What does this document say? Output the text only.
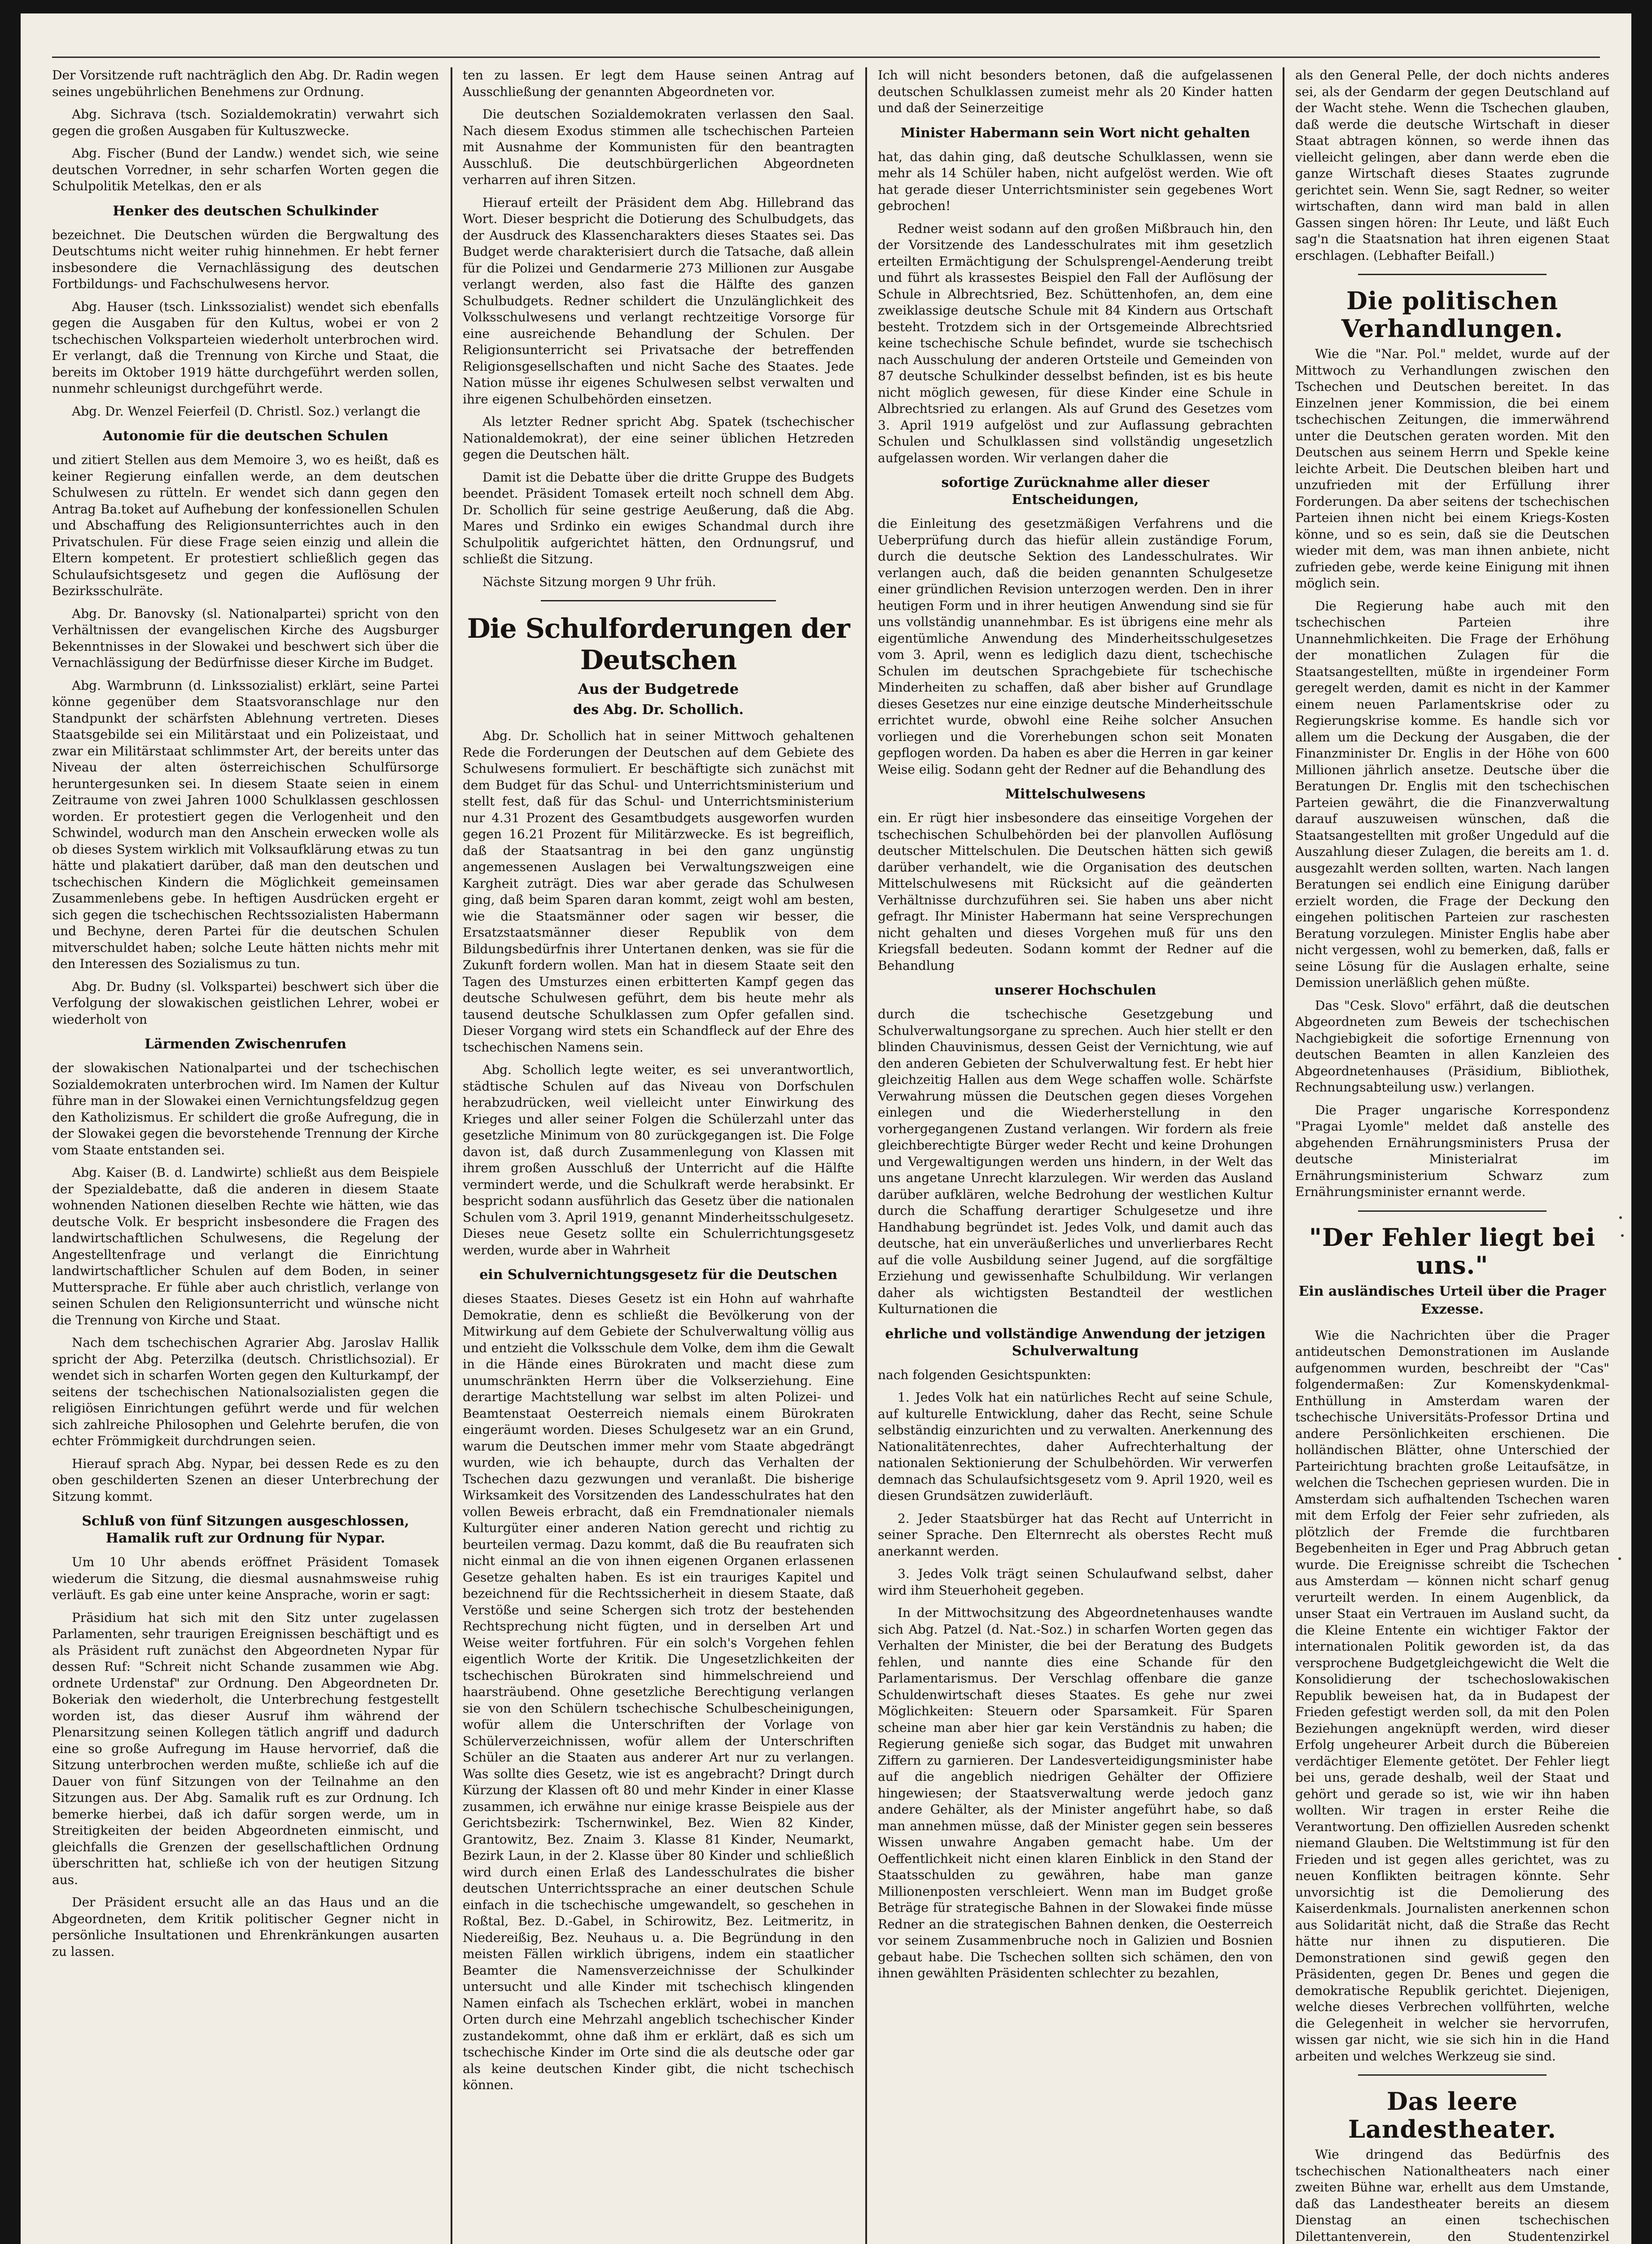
Der Vorsitzende ruft nachträglich den Abg. Dr. Radin wegen seines ungebührlichen Benehmens zur Ordnung.

Abg. Sichrava (tsch. Sozialdemokratin) verwahrt sich gegen die großen Ausgaben für Kultuszwecke.

Abg. Fischer (Bund der Landw.) wendet sich, wie seine deutschen Vorredner, in sehr scharfen Worten gegen die Schulpolitik Metelkas, den er als

Henker des deutschen Schulkinder

bezeichnet. Die Deutschen würden die Bergwaltung des Deutschtums nicht weiter ruhig hinnehmen. Er hebt ferner insbesondere die Vernachlässigung des deutschen Fortbildungs- und Fachschulwesens hervor.

Abg. Hauser (tsch. Linkssozialist) wendet sich ebenfalls gegen die Ausgaben für den Kultus, wobei er von 2 tschechischen Volksparteien wiederholt unterbrochen wird. Er verlangt, daß die Trennung von Kirche und Staat, die bereits im Oktober 1919 hätte durchgeführt werden sollen, nunmehr schleunigst durchgeführt werde.

Abg. Dr. Wenzel Feierfeil (D. Christl. Soz.) verlangt die

Autonomie für die deutschen Schulen

und zitiert Stellen aus dem Memoire 3, wo es heißt, daß es keiner Regierung einfallen werde, an dem deutschen Schulwesen zu rütteln. Er wendet sich dann gegen den Antrag Ba.toket auf Aufhebung der konfessionellen Schulen und Abschaffung des Religionsunterrichtes auch in den Privatschulen. Für diese Frage seien einzig und allein die Eltern kompetent. Er protestiert schließlich gegen das Schulaufsichtsgesetz und gegen die Auflösung der Bezirksschulräte.

Abg. Dr. Banovsky (sl. Nationalpartei) spricht von den Verhältnissen der evangelischen Kirche des Augsburger Bekenntnisses in der Slowakei und beschwert sich über die Vernachlässigung der Bedürfnisse dieser Kirche im Budget.

Abg. Warmbrunn (d. Linkssozialist) erklärt, seine Partei könne gegenüber dem Staatsvoranschlage nur den Standpunkt der schärfsten Ablehnung vertreten. Dieses Staatsgebilde sei ein Militärstaat und ein Polizeistaat, und zwar ein Militärstaat schlimmster Art, der bereits unter das Niveau der alten österreichischen Schulfürsorge heruntergesunken sei. In diesem Staate seien in einem Zeitraume von zwei Jahren 1000 Schulklassen geschlossen worden. Er protestiert gegen die Verlogenheit und den Schwindel, wodurch man den Anschein erwecken wolle als ob dieses System wirklich mit Volksaufklärung etwas zu tun hätte und plakatiert darüber, daß man den deutschen und tschechischen Kindern die Möglichkeit gemeinsamen Zusammenlebens gebe. In heftigen Ausdrücken ergeht er sich gegen die tschechischen Rechtssozialisten Habermann und Bechyne, deren Partei für die deutschen Schulen mitverschuldet haben; solche Leute hätten nichts mehr mit den Interessen des Sozialismus zu tun.

Abg. Dr. Budny (sl. Volkspartei) beschwert sich über die Verfolgung der slowakischen geistlichen Lehrer, wobei er wiederholt von

Lärmenden Zwischenrufen

der slowakischen Nationalpartei und der tschechischen Sozialdemokraten unterbrochen wird. Im Namen der Kultur führe man in der Slowakei einen Vernichtungsfeldzug gegen den Katholizismus. Er schildert die große Aufregung, die in der Slowakei gegen die bevorstehende Trennung der Kirche vom Staate entstanden sei.

Abg. Kaiser (B. d. Landwirte) schließt aus dem Beispiele der Spezialdebatte, daß die anderen in diesem Staate wohnenden Nationen dieselben Rechte wie hätten, wie das deutsche Volk. Er bespricht insbesondere die Fragen des landwirtschaftlichen Schulwesens, die Regelung der Angestelltenfrage und verlangt die Einrichtung landwirtschaftlicher Schulen auf dem Boden, in seiner Muttersprache. Er fühle aber auch christlich, verlange von seinen Schulen den Religionsunterricht und wünsche nicht die Trennung von Kirche und Staat.

Nach dem tschechischen Agrarier Abg. Jaroslav Hallik spricht der Abg. Peterzilka (deutsch. Christlichsozial). Er wendet sich in scharfen Worten gegen den Kulturkampf, der seitens der tschechischen Nationalsozialisten gegen die religiösen Einrichtungen geführt werde und für welchen sich zahlreiche Philosophen und Gelehrte berufen, die von echter Frömmigkeit durchdrungen seien.

Hierauf sprach Abg. Nypar, bei dessen Rede es zu den oben geschilderten Szenen an dieser Unterbrechung der Sitzung kommt.

Schluß von fünf Sitzungen ausgeschlossen, Hamalik ruft zur Ordnung für Nypar.

Um 10 Uhr abends eröffnet Präsident Tomasek wiederum die Sitzung, die diesmal ausnahmsweise ruhig verläuft. Es gab eine unter keine Ansprache, worin er sagt:

Präsidium hat sich mit den Sitz unter zugelassen Parlamenten, sehr traurigen Ereignissen beschäftigt und es als Präsident ruft zunächst den Abgeordneten Nypar für dessen Ruf: "Schreit nicht Schande zusammen wie Abg. ordnete Urdenstaf" zur Ordnung. Den Abgeordneten Dr. Bokeriak den wiederholt, die Unterbrechung festgestellt worden ist, das dieser Ausruf ihm während der Plenarsitzung seinen Kollegen tätlich angriff und dadurch eine so große Aufregung im Hause hervorrief, daß die Sitzung unterbrochen werden mußte, schließe ich auf die Dauer von fünf Sitzungen von der Teilnahme an den Sitzungen aus. Der Abg. Samalik ruft es zur Ordnung. Ich bemerke hierbei, daß ich dafür sorgen werde, um in Streitigkeiten der beiden Abgeordneten einmischt, und gleichfalls die Grenzen der gesellschaftlichen Ordnung überschritten hat, schließe ich von der heutigen Sitzung aus.

Der Präsident ersucht alle an das Haus und an die Abgeordneten, dem Kritik politischer Gegner nicht in persönliche Insultationen und Ehrenkränkungen ausarten zu lassen.

ten zu lassen. Er legt dem Hause seinen Antrag auf Ausschließung der genannten Abgeordneten vor.

Die deutschen Sozialdemokraten verlassen den Saal. Nach diesem Exodus stimmen alle tschechischen Parteien mit Ausnahme der Kommunisten für den beantragten Ausschluß. Die deutschbürgerlichen Abgeordneten verharren auf ihren Sitzen.

Hierauf erteilt der Präsident dem Abg. Hillebrand das Wort. Dieser bespricht die Dotierung des Schulbudgets, das der Ausdruck des Klassencharakters dieses Staates sei. Das Budget werde charakterisiert durch die Tatsache, daß allein für die Polizei und Gendarmerie 273 Millionen zur Ausgabe verlangt werden, also fast die Hälfte des ganzen Schulbudgets. Redner schildert die Unzulänglichkeit des Volksschulwesens und verlangt rechtzeitige Vorsorge für eine ausreichende Behandlung der Schulen. Der Religionsunterricht sei Privatsache der betreffenden Religionsgesellschaften und nicht Sache des Staates. Jede Nation müsse ihr eigenes Schulwesen selbst verwalten und ihre eigenen Schulbehörden einsetzen.

Als letzter Redner spricht Abg. Spatek (tschechischer Nationaldemokrat), der eine seiner üblichen Hetzreden gegen die Deutschen hält.

Damit ist die Debatte über die dritte Gruppe des Budgets beendet. Präsident Tomasek erteilt noch schnell dem Abg. Dr. Schollich für seine gestrige Aeußerung, daß die Abg. Mares und Srdinko ein ewiges Schandmal durch ihre Schulpolitik aufgerichtet hätten, den Ordnungsruf, und schließt die Sitzung.

Nächste Sitzung morgen 9 Uhr früh.

Die Schulforderungen der Deutschen
Aus der Budgetrede
des Abg. Dr. Schollich.

Abg. Dr. Schollich hat in seiner Mittwoch gehaltenen Rede die Forderungen der Deutschen auf dem Gebiete des Schulwesens formuliert. Er beschäftigte sich zunächst mit dem Budget für das Schul- und Unterrichtsministerium und stellt fest, daß für das Schul- und Unterrichtsministerium nur 4.31 Prozent des Gesamtbudgets ausgeworfen wurden gegen 16.21 Prozent für Militärzwecke. Es ist begreiflich, daß der Staatsantrag in bei den ganz ungünstig angemessenen Auslagen bei Verwaltungszweigen eine Kargheit zuträgt. Dies war aber gerade das Schulwesen ging, daß beim Sparen daran kommt, zeigt wohl am besten, wie die Staatsmänner oder sagen wir besser, die Ersatzstaatsmänner dieser Republik von dem Bildungsbedürfnis ihrer Untertanen denken, was sie für die Zukunft fordern wollen. Man hat in diesem Staate seit den Tagen des Umsturzes einen erbitterten Kampf gegen das deutsche Schulwesen geführt, dem bis heute mehr als tausend deutsche Schulklassen zum Opfer gefallen sind. Dieser Vorgang wird stets ein Schandfleck auf der Ehre des tschechischen Namens sein.

Abg. Schollich legte weiter, es sei unverantwortlich, städtische Schulen auf das Niveau von Dorfschulen herabzudrücken, weil vielleicht unter Einwirkung des Krieges und aller seiner Folgen die Schülerzahl unter das gesetzliche Minimum von 80 zurückgegangen ist. Die Folge davon ist, daß durch Zusammenlegung von Klassen mit ihrem großen Ausschluß der Unterricht auf die Hälfte vermindert werde, und die Schulkraft werde herabsinkt. Er bespricht sodann ausführlich das Gesetz über die nationalen Schulen vom 3. April 1919, genannt Minderheitsschulgesetz. Dieses neue Gesetz sollte ein Schulerrichtungsgesetz werden, wurde aber in Wahrheit

ein Schulvernichtungsgesetz für die Deutschen

dieses Staates. Dieses Gesetz ist ein Hohn auf wahrhafte Demokratie, denn es schließt die Bevölkerung von der Mitwirkung auf dem Gebiete der Schulverwaltung völlig aus und entzieht die Volksschule dem Volke, dem ihm die Gewalt in die Hände eines Bürokraten und macht diese zum unumschränkten Herrn über die Volkserziehung. Eine derartige Machtstellung war selbst im alten Polizei- und Beamtenstaat Oesterreich niemals einem Bürokraten eingeräumt worden. Dieses Schulgesetz war an ein Grund, warum die Deutschen immer mehr vom Staate abgedrängt wurden, wie ich behaupte, durch das Verhalten der Tschechen dazu gezwungen und veranlaßt. Die bisherige Wirksamkeit des Vorsitzenden des Landesschulrates hat den vollen Beweis erbracht, daß ein Fremdnationaler niemals Kulturgüter einer anderen Nation gerecht und richtig zu beurteilen vermag. Dazu kommt, daß die Bu reaufraten sich nicht einmal an die von ihnen eigenen Organen erlassenen Gesetze gehalten haben. Es ist ein trauriges Kapitel und bezeichnend für die Rechtssicherheit in diesem Staate, daß Verstöße und seine Schergen sich trotz der bestehenden Rechtsprechung nicht fügten, und in derselben Art und Weise weiter fortfuhren. Für ein solch's Vorgehen fehlen eigentlich Worte der Kritik. Die Ungesetzlichkeiten der tschechischen Bürokraten sind himmelschreiend und haarsträubend. Ohne gesetzliche Berechtigung verlangen sie von den Schülern tschechische Schulbescheinigungen, wofür allem die Unterschriften der Vorlage von Schülerverzeichnissen, wofür allem der Unterschriften Schüler an die Staaten aus anderer Art nur zu verlangen. Was sollte dies Gesetz, wie ist es angebracht? Dringt durch Kürzung der Klassen oft 80 und mehr Kinder in einer Klasse zusammen, ich erwähne nur einige krasse Beispiele aus der Gerichtsbezirk: Tschernwinkel, Bez. Wien 82 Kinder, Grantowitz, Bez. Znaim 3. Klasse 81 Kinder, Neumarkt, Bezirk Laun, in der 2. Klasse über 80 Kinder und schließlich wird durch einen Erlaß des Landesschulrates die bisher deutschen Unterrichtssprache an einer deutschen Schule einfach in die tschechische umgewandelt, so geschehen in Roßtal, Bez. D.-Gabel, in Schirowitz, Bez. Leitmeritz, in Niedereißig, Bez. Neuhaus u. a. Die Begründung in den meisten Fällen wirklich übrigens, indem ein staatlicher Beamter die Namensverzeichnisse der Schulkinder untersucht und alle Kinder mit tschechisch klingenden Namen einfach als Tschechen erklärt, wobei in manchen Orten durch eine Mehrzahl angeblich tschechischer Kinder zustandekommt, ohne daß ihm er erklärt, daß es sich um tschechische Kinder im Orte sind die als deutsche oder gar als keine deutschen Kinder gibt, die nicht tschechisch können.

Ich will nicht besonders betonen, daß die aufgelassenen deutschen Schulklassen zumeist mehr als 20 Kinder hatten und daß der Seinerzeitige

Minister Habermann sein Wort nicht gehalten

hat, das dahin ging, daß deutsche Schulklassen, wenn sie mehr als 14 Schüler haben, nicht aufgelöst werden. Wie oft hat gerade dieser Unterrichtsminister sein gegebenes Wort gebrochen!

Redner weist sodann auf den großen Mißbrauch hin, den der Vorsitzende des Landesschulrates mit ihm gesetzlich erteilten Ermächtigung der Schulsprengel-Aenderung treibt und führt als krassestes Beispiel den Fall der Auflösung der Schule in Albrechtsried, Bez. Schüttenhofen, an, dem eine zweiklassige deutsche Schule mit 84 Kindern aus Ortschaft besteht. Trotzdem sich in der Ortsgemeinde Albrechtsried keine tschechische Schule befindet, wurde sie tschechisch nach Ausschulung der anderen Ortsteile und Gemeinden von 87 deutsche Schulkinder desselbst befinden, ist es bis heute nicht möglich gewesen, für diese Kinder eine Schule in Albrechtsried zu erlangen. Als auf Grund des Gesetzes vom 3. April 1919 aufgelöst und zur Auflassung gebrachten Schulen und Schulklassen sind vollständig ungesetzlich aufgelassen worden. Wir verlangen daher die

sofortige Zurücknahme aller dieser Entscheidungen,

die Einleitung des gesetzmäßigen Verfahrens und die Ueberprüfung durch das hiefür allein zuständige Forum, durch die deutsche Sektion des Landesschulrates. Wir verlangen auch, daß die beiden genannten Schulgesetze einer gründlichen Revision unterzogen werden. Den in ihrer heutigen Form und in ihrer heutigen Anwendung sind sie für uns vollständig unannehmbar. Es ist übrigens eine mehr als eigentümliche Anwendung des Minderheitsschulgesetzes vom 3. April, wenn es lediglich dazu dient, tschechische Schulen im deutschen Sprachgebiete für tschechische Minderheiten zu schaffen, daß aber bisher auf Grundlage dieses Gesetzes nur eine einzige deutsche Minderheitsschule errichtet wurde, obwohl eine Reihe solcher Ansuchen vorliegen und die Vorerhebungen schon seit Monaten gepflogen worden. Da haben es aber die Herren in gar keiner Weise eilig. Sodann geht der Redner auf die Behandlung des

Mittelschulwesens

ein. Er rügt hier insbesondere das einseitige Vorgehen der tschechischen Schulbehörden bei der planvollen Auflösung deutscher Mittelschulen. Die Deutschen hätten sich gewiß darüber verhandelt, wie die Organisation des deutschen Mittelschulwesens mit Rücksicht auf die geänderten Verhältnisse durchzuführen sei. Sie haben uns aber nicht gefragt. Ihr Minister Habermann hat seine Versprechungen nicht gehalten und dieses Vorgehen muß für uns den Kriegsfall bedeuten. Sodann kommt der Redner auf die Behandlung

unserer Hochschulen

durch die tschechische Gesetzgebung und Schulverwaltungsorgane zu sprechen. Auch hier stellt er den blinden Chauvinismus, dessen Geist der Vernichtung, wie auf den anderen Gebieten der Schulverwaltung fest. Er hebt hier gleichzeitig Hallen aus dem Wege schaffen wolle. Schärfste Verwahrung müssen die Deutschen gegen dieses Vorgehen einlegen und die Wiederherstellung in den vorhergegangenen Zustand verlangen. Wir fordern als freie gleichberechtigte Bürger weder Recht und keine Drohungen und Vergewaltigungen werden uns hindern, in der Welt das uns angetane Unrecht klarzulegen. Wir werden das Ausland darüber aufklären, welche Bedrohung der westlichen Kultur durch die Schaffung derartiger Schulgesetze und ihre Handhabung begründet ist. Jedes Volk, und damit auch das deutsche, hat ein unveräußerliches und unverlierbares Recht auf die volle Ausbildung seiner Jugend, auf die sorgfältige Erziehung und gewissenhafte Schulbildung. Wir verlangen daher als wichtigsten Bestandteil der westlichen Kulturnationen die

ehrliche und vollständige Anwendung der jetzigen Schulverwaltung

nach folgenden Gesichtspunkten:

1. Jedes Volk hat ein natürliches Recht auf seine Schule, auf kulturelle Entwicklung, daher das Recht, seine Schule selbständig einzurichten und zu verwalten. Anerkennung des Nationalitätenrechtes, daher Aufrechterhaltung der nationalen Sektionierung der Schulbehörden. Wir verwerfen demnach das Schulaufsichtsgesetz vom 9. April 1920, weil es diesen Grundsätzen zuwiderläuft.

2. Jeder Staatsbürger hat das Recht auf Unterricht in seiner Sprache. Den Elternrecht als oberstes Recht muß anerkannt werden.

3. Jedes Volk trägt seinen Schulaufwand selbst, daher wird ihm Steuerhoheit gegeben.

In der Mittwochsitzung des Abgeordnetenhauses wandte sich Abg. Patzel (d. Nat.-Soz.) in scharfen Worten gegen das Verhalten der Minister, die bei der Beratung des Budgets fehlen, und nannte dies eine Schande für den Parlamentarismus. Der Verschlag offenbare die ganze Schuldenwirtschaft dieses Staates. Es gehe nur zwei Möglichkeiten: Steuern oder Sparsamkeit. Für Sparen scheine man aber hier gar kein Verständnis zu haben; die Regierung genieße sich sogar, das Budget mit unwahren Ziffern zu garnieren. Der Landesverteidigungsminister habe auf die angeblich niedrigen Gehälter der Offiziere hingewiesen; der Staatsverwaltung werde jedoch ganz andere Gehälter, als der Minister angeführt habe, so daß man annehmen müsse, daß der Minister gegen sein besseres Wissen unwahre Angaben gemacht habe. Um der Oeffentlichkeit nicht einen klaren Einblick in den Stand der Staatsschulden zu gewähren, habe man ganze Millionenposten verschleiert. Wenn man im Budget große Beträge für strategische Bahnen in der Slowakei finde müsse Redner an die strategischen Bahnen denken, die Oesterreich vor seinem Zusammenbruche noch in Galizien und Bosnien gebaut habe. Die Tschechen sollten sich schämen, den von ihnen gewählten Präsidenten schlechter zu bezahlen,

als den General Pelle, der doch nichts anderes sei, als der Gendarm der gegen Deutschland auf der Wacht stehe. Wenn die Tschechen glauben, daß werde die deutsche Wirtschaft in dieser Staat abtragen können, so werde ihnen das vielleicht gelingen, aber dann werde eben die ganze Wirtschaft dieses Staates zugrunde gerichtet sein. Wenn Sie, sagt Redner, so weiter wirtschaften, dann wird man bald in allen Gassen singen hören: Ihr Leute, und läßt Euch sag'n die Staatsnation hat ihren eigenen Staat erschlagen. (Lebhafter Beifall.)

Die politischen Verhandlungen.

Wie die "Nar. Pol." meldet, wurde auf der Mittwoch zu Verhandlungen zwischen den Tschechen und Deutschen bereitet. In das Einzelnen jener Kommission, die bei einem tschechischen Zeitungen, die immerwährend unter die Deutschen geraten worden. Mit den Deutschen aus seinem Herrn und Spekle keine leichte Arbeit. Die Deutschen bleiben hart und unzufrieden mit der Erfüllung ihrer Forderungen. Da aber seitens der tschechischen Parteien ihnen nicht bei einem Kriegs-Kosten könne, und so es sein, daß sie die Deutschen wieder mit dem, was man ihnen anbiete, nicht zufrieden gebe, werde keine Einigung mit ihnen möglich sein.

Die Regierung habe auch mit den tschechischen Parteien ihre Unannehmlichkeiten. Die Frage der Erhöhung der monatlichen Zulagen für die Staatsangestellten, müßte in irgendeiner Form geregelt werden, damit es nicht in der Kammer einem neuen Parlamentskrise oder zu Regierungskrise komme. Es handle sich vor allem um die Deckung der Ausgaben, die der Finanzminister Dr. Englis in der Höhe von 600 Millionen jährlich ansetze. Deutsche über die Beratungen Dr. Englis mit den tschechischen Parteien gewährt, die die Finanzverwaltung darauf auszuweisen wünschen, daß die Staatsangestellten mit großer Ungeduld auf die Auszahlung dieser Zulagen, die bereits am 1. d. ausgezahlt werden sollten, warten. Nach langen Beratungen sei endlich eine Einigung darüber erzielt worden, die Frage der Deckung den eingehen politischen Parteien zur raschesten Beratung vorzulegen. Minister Englis habe aber nicht vergessen, wohl zu bemerken, daß, falls er seine Lösung für die Auslagen erhalte, seine Demission unerläßlich gehen müßte.

Das "Cesk. Slovo" erfährt, daß die deutschen Abgeordneten zum Beweis der tschechischen Nachgiebigkeit die sofortige Ernennung von deutschen Beamten in allen Kanzleien des Abgeordnetenhauses (Präsidium, Bibliothek, Rechnungsabteilung usw.) verlangen.

Die Prager ungarische Korrespondenz "Pragai Lyomle" meldet daß anstelle des abgehenden Ernährungsministers Prusa der deutsche Ministerialrat im Ernährungsministerium Schwarz zum Ernährungsminister ernannt werde.

"Der Fehler liegt bei uns."
Ein ausländisches Urteil über die Prager Exzesse.

Wie die Nachrichten über die Prager antideutschen Demonstrationen im Auslande aufgenommen wurden, beschreibt der "Cas" folgendermaßen: Zur Komenskydenkmal-Enthüllung in Amsterdam waren der tschechische Universitäts-Professor Drtina und andere Persönlichkeiten erschienen. Die holländischen Blätter, ohne Unterschied der Parteirichtung brachten große Leitaufsätze, in welchen die Tschechen gepriesen wurden. Die in Amsterdam sich aufhaltenden Tschechen waren mit dem Erfolg der Feier sehr zufrieden, als plötzlich der Fremde die furchtbaren Begebenheiten in Eger und Prag Abbruch getan wurde. Die Ereignisse schreibt die Tschechen aus Amsterdam — können nicht scharf genug verurteilt werden. In einem Augenblick, da unser Staat ein Vertrauen im Ausland sucht, da die Kleine Entente ein wichtiger Faktor der internationalen Politik geworden ist, da das versprochene Budgetgleichgewicht die Welt die Konsolidierung der tschechoslowakischen Republik beweisen hat, da in Budapest der Frieden gefestigt werden soll, da mit den Polen Beziehungen angeknüpft werden, wird dieser Erfolg ungeheurer Arbeit durch die Bübereien verdächtiger Elemente getötet. Der Fehler liegt bei uns, gerade deshalb, weil der Staat und gehört und gerade so ist, wie wir ihn haben wollten. Wir tragen in erster Reihe die Verantwortung. Den offiziellen Ausreden schenkt niemand Glauben. Die Weltstimmung ist für den Frieden und ist gegen alles gerichtet, was zu neuen Konflikten beitragen könnte. Sehr unvorsichtig ist die Demolierung des Kaiserdenkmals. Journalisten anerkennen schon aus Solidarität nicht, daß die Straße das Recht hätte nur ihnen zu disputieren. Die Demonstrationen sind gewiß gegen den Präsidenten, gegen Dr. Benes und gegen die demokratische Republik gerichtet. Diejenigen, welche dieses Verbrechen vollführten, welche die Gelegenheit in welcher sie hervorrufen, wissen gar nicht, wie sie sich hin in die Hand arbeiten und welches Werkzeug sie sind.

Das leere Landestheater.

Wie dringend das Bedürfnis des tschechischen Nationaltheaters nach einer zweiten Bühne war, erhellt aus dem Umstande, daß das Landestheater bereits an diesem Dienstag an einen tschechischen Dilettantenverein, den Studentenzirkel
